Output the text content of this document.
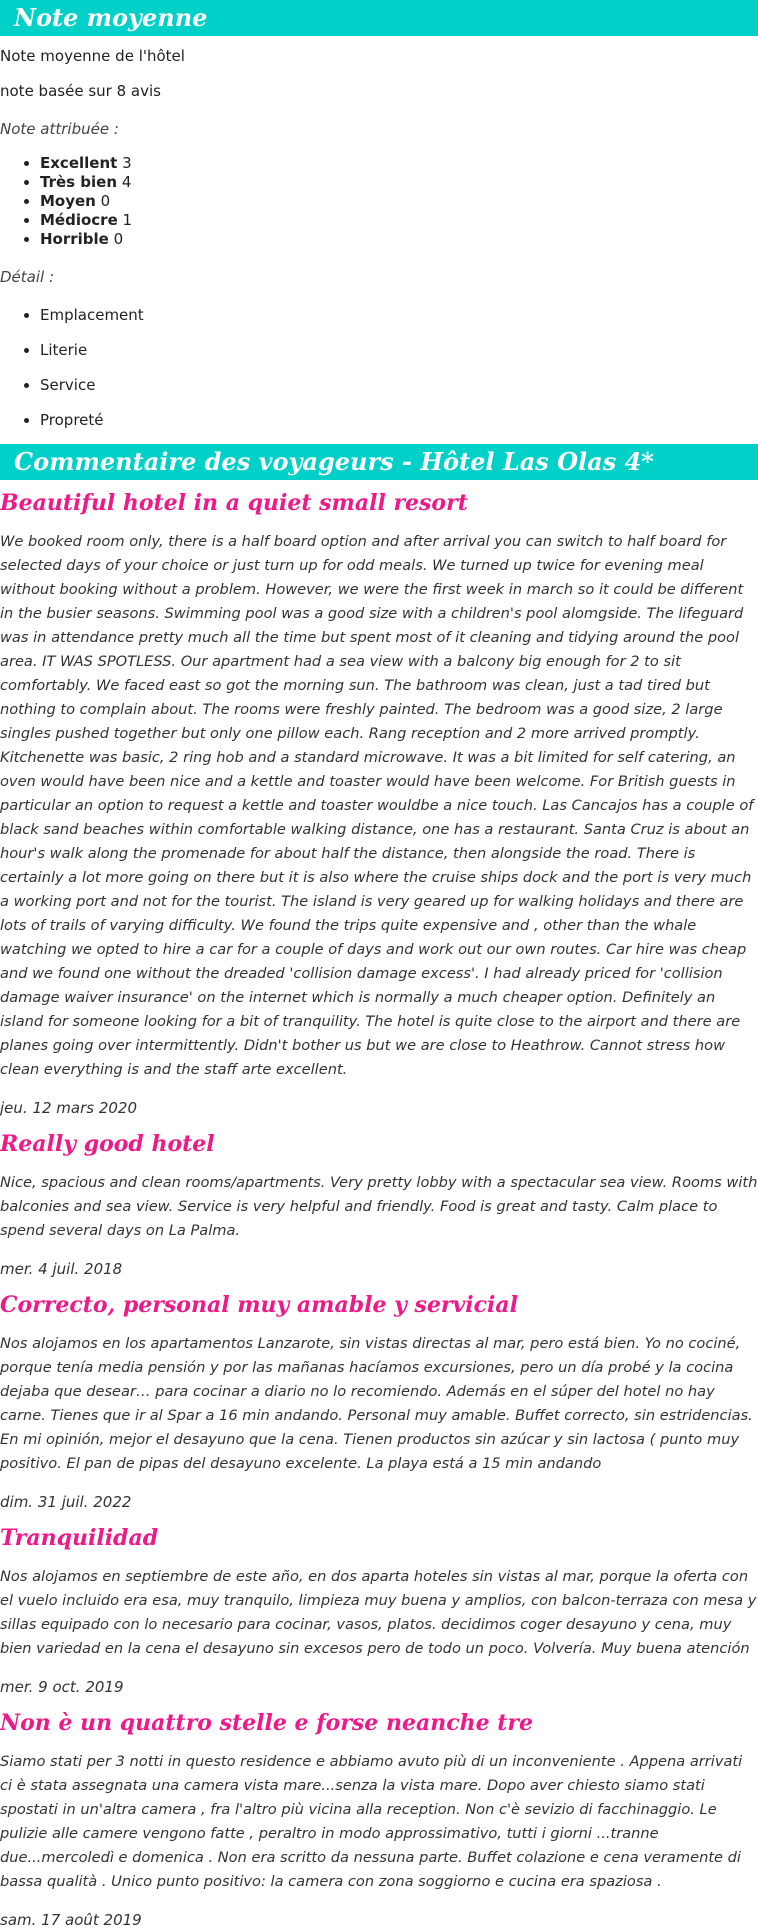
Note moyenne

Note moyenne de l'hôtel

note basée sur 8 avis

Note attribuée :

• Excellent 3
• Très bien 4
• Moyen 0
• Médiocre 1
• Horrible 0

Détail :

• Emplacement
• Literie
• Service
• Propreté
Commentaire des voyageurs - Hôtel Las Olas 4*
Beautiful hotel in a quiet small resort

We booked room only, there is a half board option and after arrival you can switch to half board for selected days of your choice or just turn up for odd meals. We turned up twice for evening meal without booking without a problem. However, we were the first week in march so it could be different in the busier seasons. Swimming pool was a good size with a children's pool alomgside. The lifeguard was in attendance pretty much all the time but spent most of it cleaning and tidying around the pool area. IT WAS SPOTLESS. Our apartment had a sea view with a balcony big enough for 2 to sit comfortably. We faced east so got the morning sun. The bathroom was clean, just a tad tired but nothing to complain about. The rooms were freshly painted. The bedroom was a good size, 2 large singles pushed together but only one pillow each. Rang reception and 2 more arrived promptly. Kitchenette was basic, 2 ring hob and a standard microwave. It was a bit limited for self catering, an oven would have been nice and a kettle and toaster would have been welcome. For British guests in particular an option to request a kettle and toaster wouldbe a nice touch. Las Cancajos has a couple of black sand beaches within comfortable walking distance, one has a restaurant. Santa Cruz is about an hour's walk along the promenade for about half the distance, then alongside the road. There is certainly a lot more going on there but it is also where the cruise ships dock and the port is very much a working port and not for the tourist. The island is very geared up for walking holidays and there are lots of trails of varying difficulty. We found the trips quite expensive and , other than the whale watching we opted to hire a car for a couple of days and work out our own routes. Car hire was cheap and we found one without the dreaded 'collision damage excess'. I had already priced for 'collision damage waiver insurance' on the internet which is normally a much cheaper option. Definitely an island for someone looking for a bit of tranquility. The hotel is quite close to the airport and there are planes going over intermittently. Didn't bother us but we are close to Heathrow. Cannot stress how clean everything is and the staff arte excellent.

jeu. 12 mars 2020

Really good hotel

Nice, spacious and clean rooms/apartments. Very pretty lobby with a spectacular sea view. Rooms with balconies and sea view. Service is very helpful and friendly. Food is great and tasty. Calm place to spend several days on La Palma.

mer. 4 juil. 2018

Correcto, personal muy amable y servicial

Nos alojamos en los apartamentos Lanzarote, sin vistas directas al mar, pero está bien. Yo no cociné, porque tenía media pensión y por las mañanas hacíamos excursiones, pero un día probé y la cocina dejaba que desear… para cocinar a diario no lo recomiendo. Además en el súper del hotel no hay carne. Tienes que ir al Spar a 16 min andando. Personal muy amable. Buffet correcto, sin estridencias. En mi opinión, mejor el desayuno que la cena. Tienen productos sin azúcar y sin lactosa ( punto muy positivo. El pan de pipas del desayuno excelente. La playa está a 15 min andando

dim. 31 juil. 2022

Tranquilidad

Nos alojamos en septiembre de este año, en dos aparta hoteles sin vistas al mar, porque la oferta con el vuelo incluido era esa, muy tranquilo, limpieza muy buena y amplios, con balcon-terraza con mesa y sillas equipado con lo necesario para cocinar, vasos, platos. decidimos coger desayuno y cena, muy bien variedad en la cena el desayuno sin excesos pero de todo un poco. Volvería. Muy buena atención

mer. 9 oct. 2019

Non è un quattro stelle e forse neanche tre

Siamo stati per 3 notti in questo residence e abbiamo avuto più di un inconveniente . Appena arrivati ci è stata assegnata una camera vista mare...senza la vista mare. Dopo aver chiesto siamo stati spostati in un'altra camera , fra l'altro più vicina alla reception. Non c'è sevizio di facchinaggio. Le pulizie alle camere vengono fatte , peraltro in modo approssimativo, tutti i giorni ...tranne due...mercoledì e domenica . Non era scritto da nessuna parte. Buffet colazione e cena veramente di bassa qualità . Unico punto positivo: la camera con zona soggiorno e cucina era spaziosa .

sam. 17 août 2019
